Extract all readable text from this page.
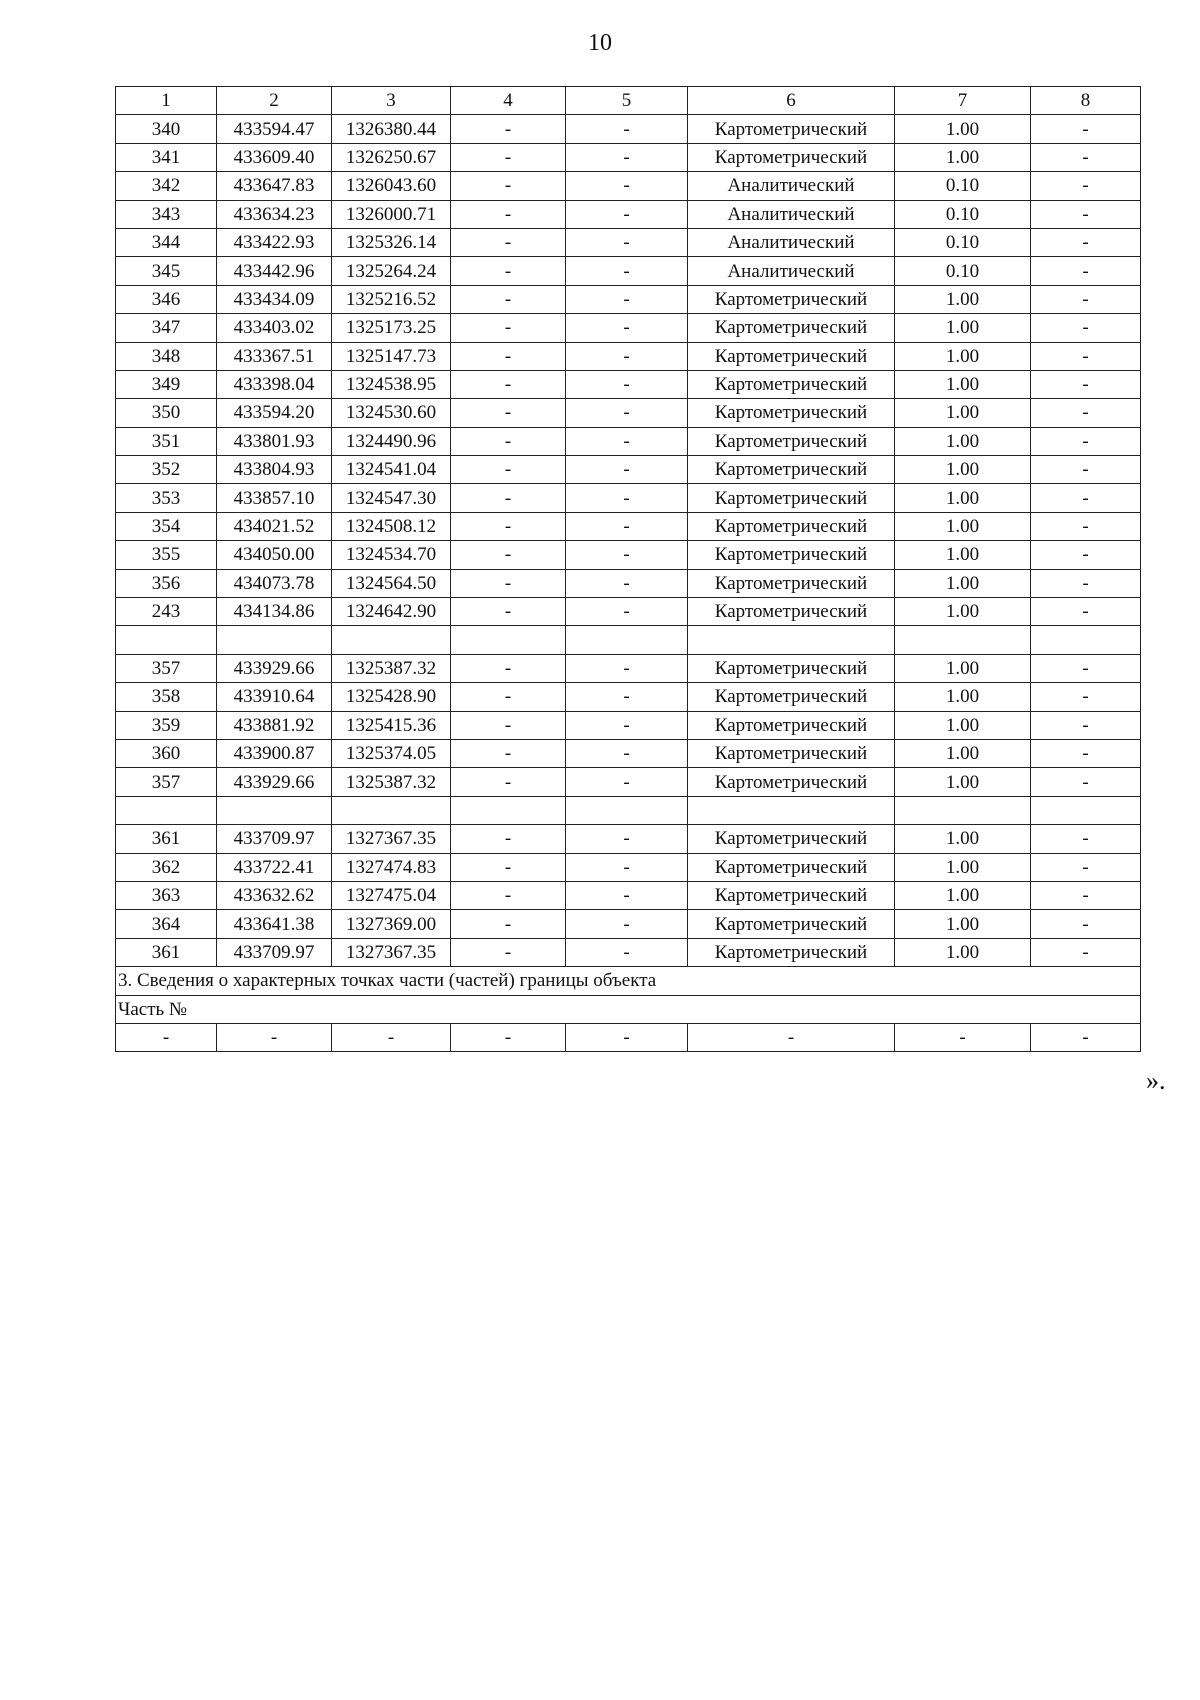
10
1	2	3	4	5	6	7	8
340	433594.47	1326380.44	-	-	Картометрический	1.00	-
341	433609.40	1326250.67	-	-	Картометрический	1.00	-
342	433647.83	1326043.60	-	-	Аналитический	0.10	-
343	433634.23	1326000.71	-	-	Аналитический	0.10	-
344	433422.93	1325326.14	-	-	Аналитический	0.10	-
345	433442.96	1325264.24	-	-	Аналитический	0.10	-
346	433434.09	1325216.52	-	-	Картометрический	1.00	-
347	433403.02	1325173.25	-	-	Картометрический	1.00	-
348	433367.51	1325147.73	-	-	Картометрический	1.00	-
349	433398.04	1324538.95	-	-	Картометрический	1.00	-
350	433594.20	1324530.60	-	-	Картометрический	1.00	-
351	433801.93	1324490.96	-	-	Картометрический	1.00	-
352	433804.93	1324541.04	-	-	Картометрический	1.00	-
353	433857.10	1324547.30	-	-	Картометрический	1.00	-
354	434021.52	1324508.12	-	-	Картометрический	1.00	-
355	434050.00	1324534.70	-	-	Картометрический	1.00	-
356	434073.78	1324564.50	-	-	Картометрический	1.00	-
243	434134.86	1324642.90	-	-	Картометрический	1.00	-

357	433929.66	1325387.32	-	-	Картометрический	1.00	-
358	433910.64	1325428.90	-	-	Картометрический	1.00	-
359	433881.92	1325415.36	-	-	Картометрический	1.00	-
360	433900.87	1325374.05	-	-	Картометрический	1.00	-
357	433929.66	1325387.32	-	-	Картометрический	1.00	-

361	433709.97	1327367.35	-	-	Картометрический	1.00	-
362	433722.41	1327474.83	-	-	Картометрический	1.00	-
363	433632.62	1327475.04	-	-	Картометрический	1.00	-
364	433641.38	1327369.00	-	-	Картометрический	1.00	-
361	433709.97	1327367.35	-	-	Картометрический	1.00	-
3. Сведения о характерных точках части (частей) границы объекта							
Часть №							
-	-	-	-	-	-	-	-
».
